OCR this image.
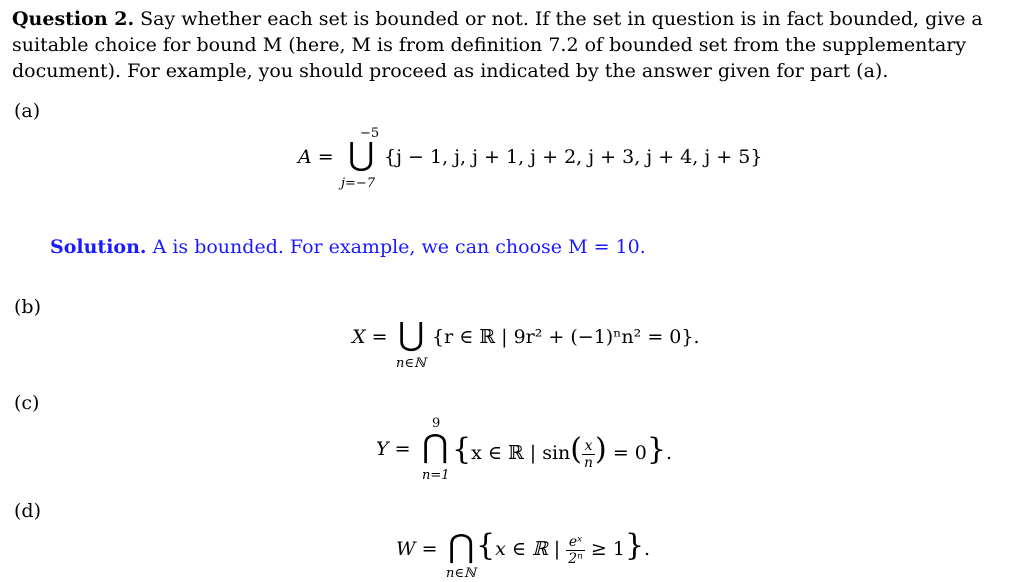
Question 2. Say whether each set is bounded or not. If the set in question is in fact bounded, give a suitable choice for bound M (here, M is from definition 7.2 of bounded set from the supplementary document). For example, you should proceed as indicated by the answer given for part (a).
(a)
A =
−5
⋃
j=−7
{j − 1, j, j + 1, j + 2, j + 3, j + 4, j + 5}
Solution. A is bounded. For example, we can choose M = 10.
(b)
X = ⋃
n∈ℕ
{r ∈ ℝ | 9r² + (−1)ⁿn² = 0}.
(c)
Y =
9
⋂
n=1
{x ∈ ℝ | $\sin( \frac{x}{n}$ ) = 0}.
(d)
W = ⋂
n∈ℕ
{x ∈ ℝ | $\frac{\text{eˣ}}{\text{2ⁿ}} \ge 1$}.
